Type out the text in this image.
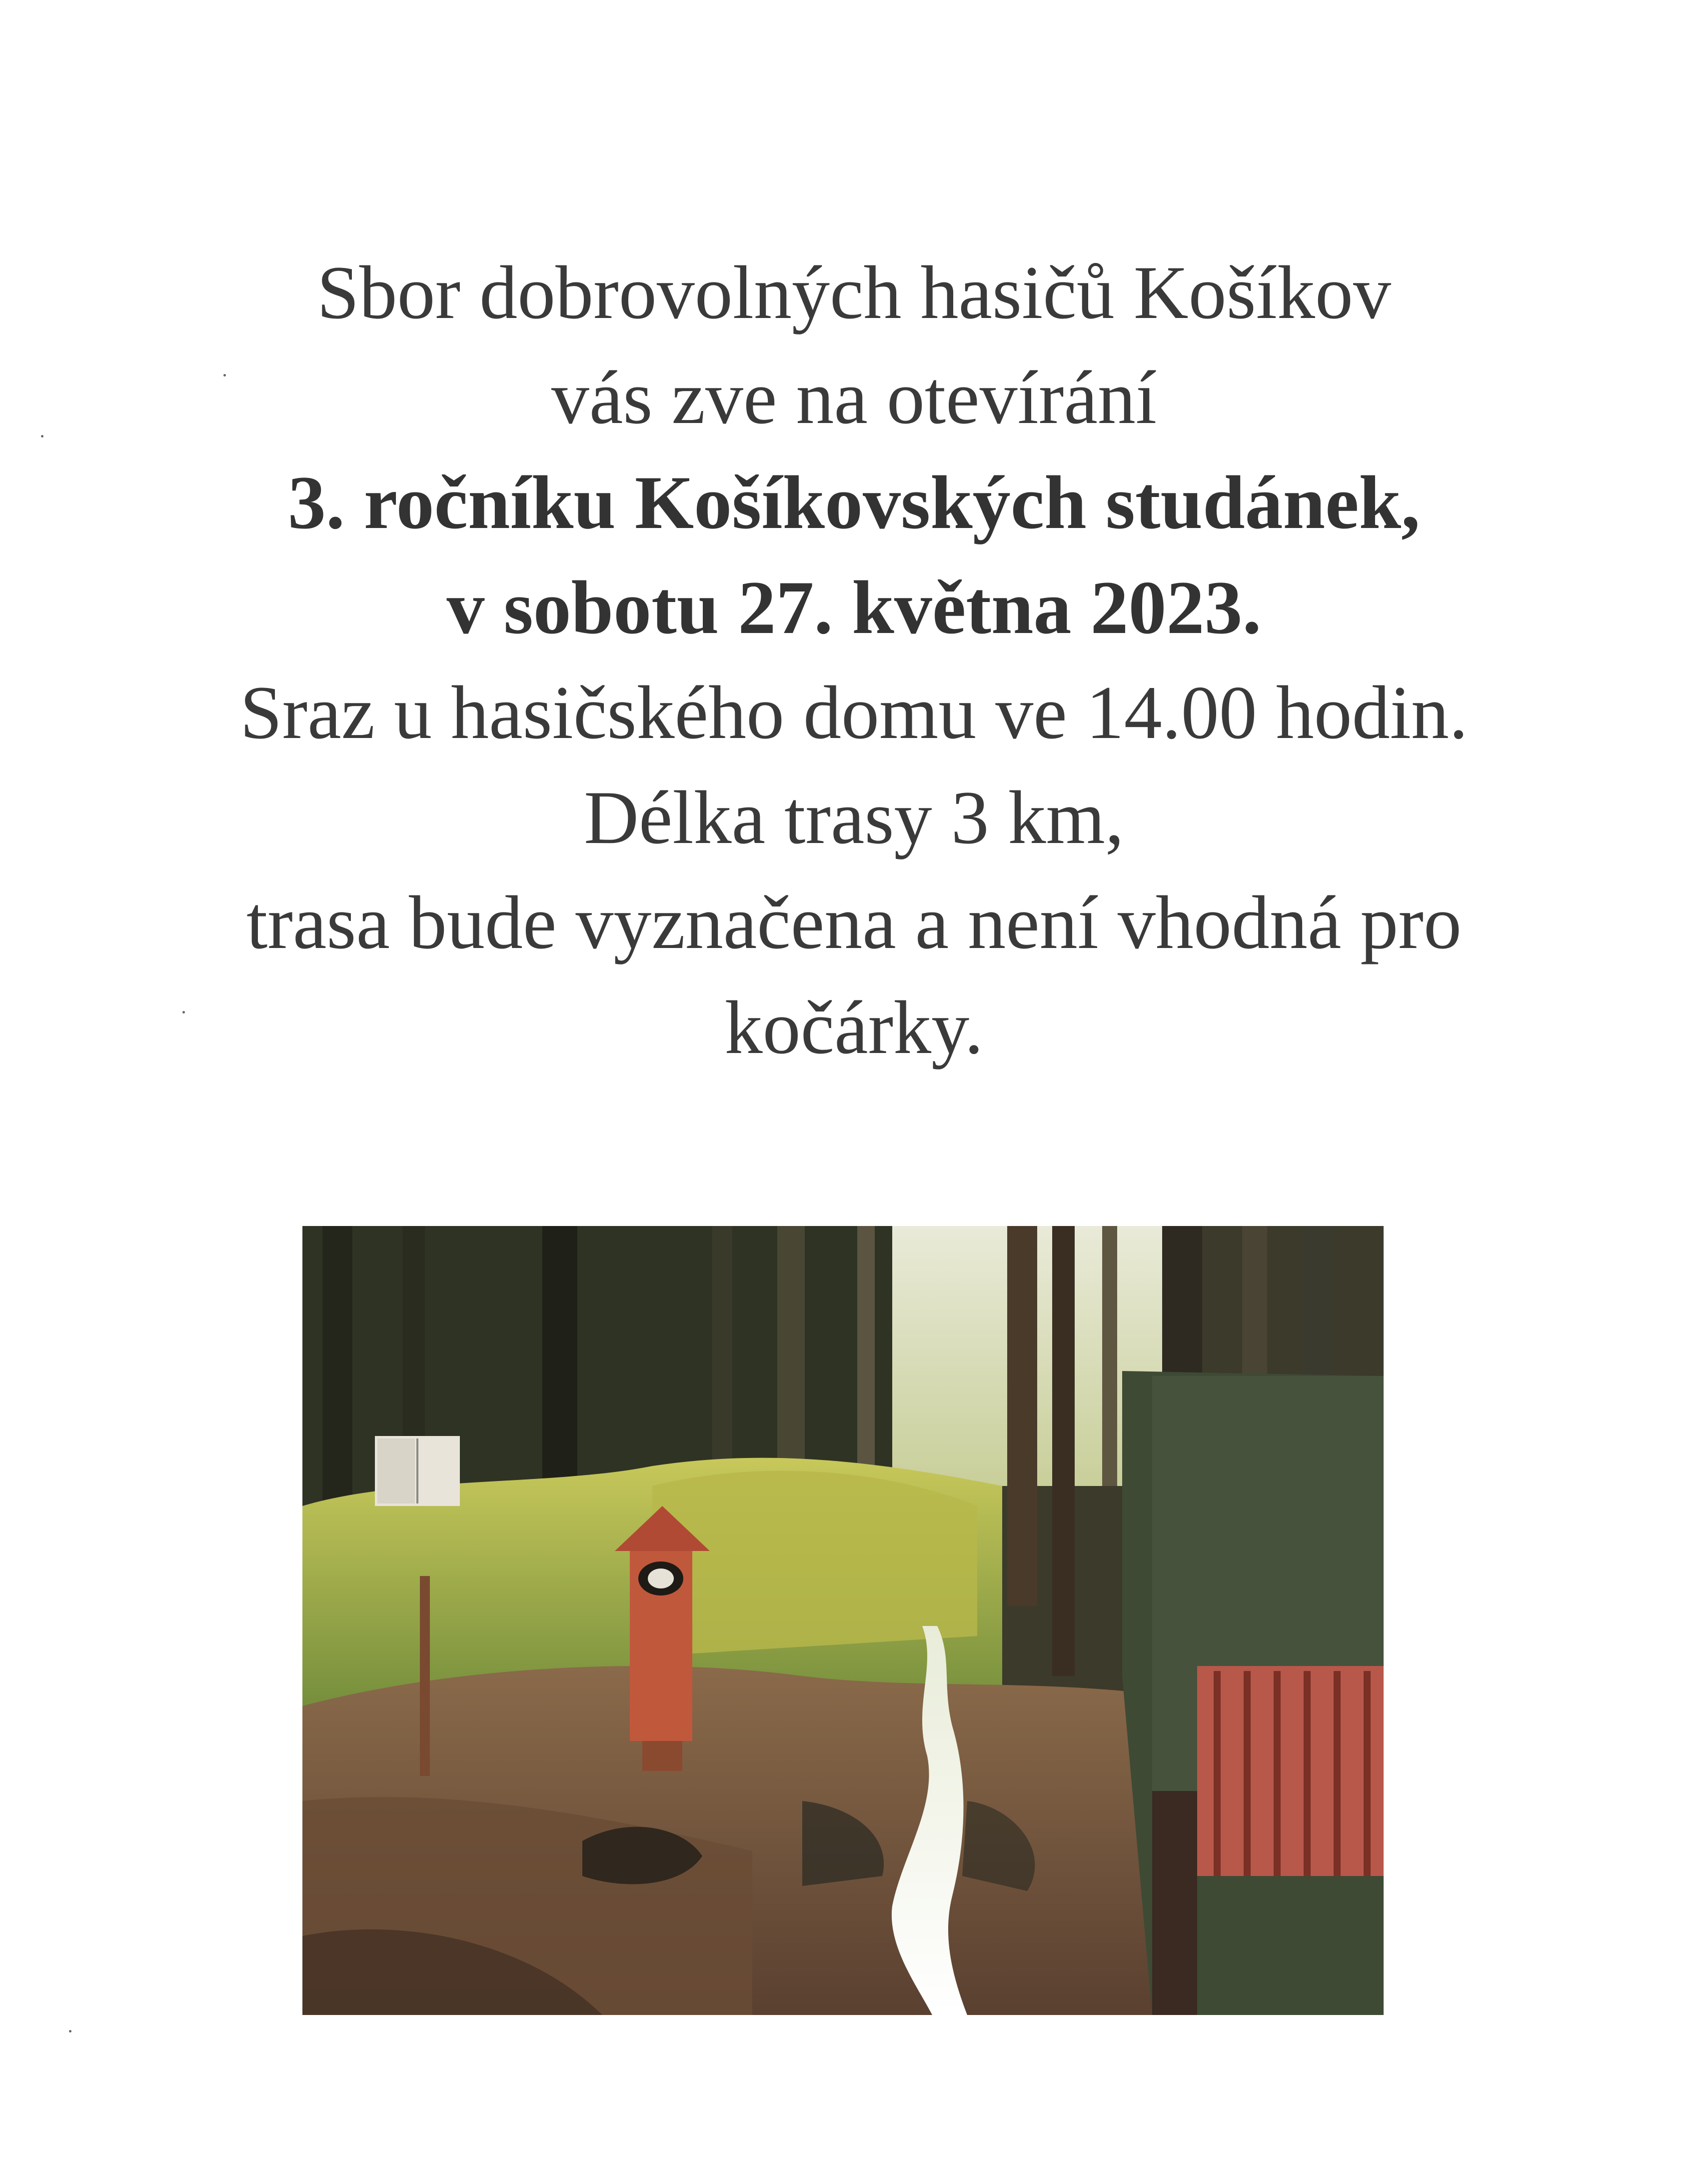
Sbor dobrovolných hasičů Košíkov
vás zve na otevírání
3. ročníku Košíkovských studánek,
v sobotu 27. května 2023.
Sraz u hasičského domu ve 14.00 hodin.
Délka trasy 3 km,
trasa bude vyznačena a není vhodná pro
kočárky.
